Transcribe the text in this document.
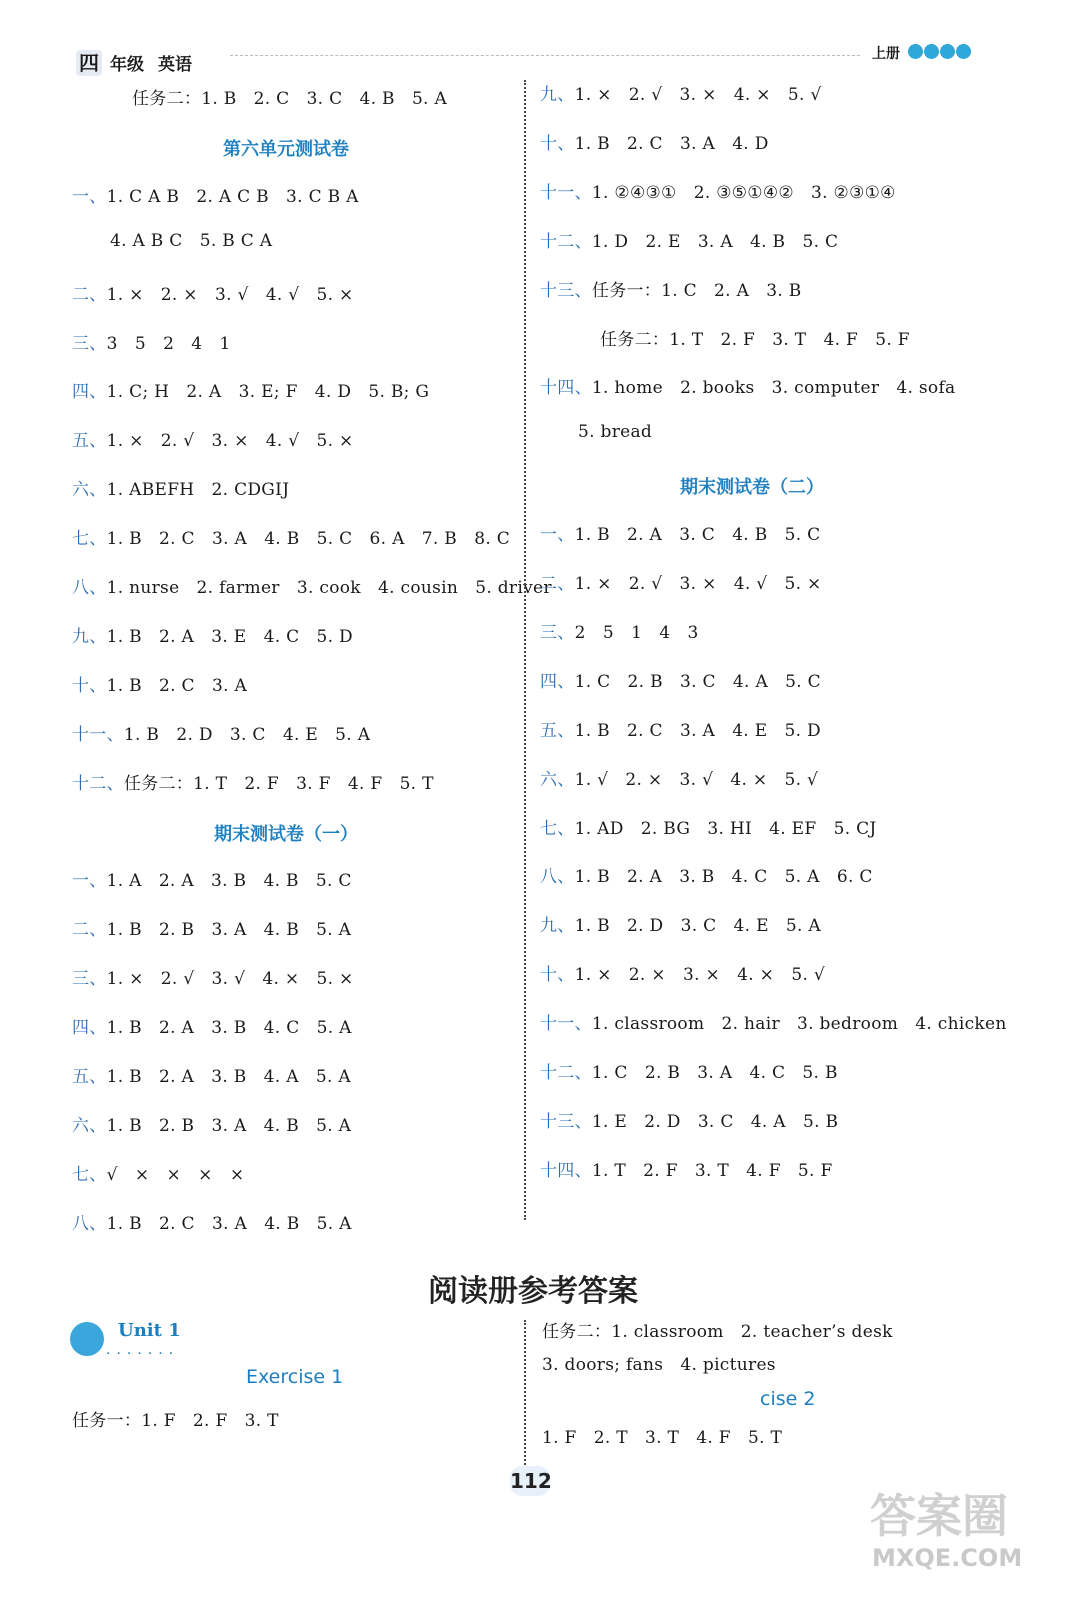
四 年级 英语
上册
任务二：1. B   2. C   3. C   4. B   5. A
第六单元测试卷
一、1. C A B   2. A C B   3. C B A
4. A B C   5. B C A
二、1. ×   2. ×   3. √   4. √   5. ×
三、3   5   2   4   1
四、1. C; H   2. A   3. E; F   4. D   5. B; G
五、1. ×   2. √   3. ×   4. √   5. ×
六、1. ABEFH   2. CDGIJ
七、1. B   2. C   3. A   4. B   5. C   6. A   7. B   8. C
八、1. nurse   2. farmer   3. cook   4. cousin   5. driver
九、1. B   2. A   3. E   4. C   5. D
十、1. B   2. C   3. A
十一、1. B   2. D   3. C   4. E   5. A
十二、任务二：1. T   2. F   3. F   4. F   5. T
期末测试卷（一）
一、1. A   2. A   3. B   4. B   5. C
二、1. B   2. B   3. A   4. B   5. A
三、1. ×   2. √   3. √   4. ×   5. ×
四、1. B   2. A   3. B   4. C   5. A
五、1. B   2. A   3. B   4. A   5. A
六、1. B   2. B   3. A   4. B   5. A
七、√   ×   ×   ×   ×
八、1. B   2. C   3. A   4. B   5. A
九、1. ×   2. √   3. ×   4. ×   5. √
十、1. B   2. C   3. A   4. D
十一、1. ②④③①   2. ③⑤①④②   3. ②③①④
十二、1. D   2. E   3. A   4. B   5. C
十三、任务一：1. C   2. A   3. B
任务二：1. T   2. F   3. T   4. F   5. F
十四、1. home   2. books   3. computer   4. sofa
5. bread
期末测试卷（二）
一、1. B   2. A   3. C   4. B   5. C
二、1. ×   2. √   3. ×   4. √   5. ×
三、2   5   1   4   3
四、1. C   2. B   3. C   4. A   5. C
五、1. B   2. C   3. A   4. E   5. D
六、1. √   2. ×   3. √   4. ×   5. √
七、1. AD   2. BG   3. HI   4. EF   5. CJ
八、1. B   2. A   3. B   4. C   5. A   6. C
九、1. B   2. D   3. C   4. E   5. A
十、1. ×   2. ×   3. ×   4. ×   5. √
十一、1. classroom   2. hair   3. bedroom   4. chicken
十二、1. C   2. B   3. A   4. C   5. B
十三、1. E   2. D   3. C   4. A   5. B
十四、1. T   2. F   3. T   4. F   5. F
阅读册参考答案
Unit 1
·······
Exercise 1
任务一：1. F   2. F   3. T
任务二：1. classroom   2. teacher’s desk
3. doors; fans   4. pictures
cise 2
1. F   2. T   3. T   4. F   5. T
112
答案圈
MXQE.COM
